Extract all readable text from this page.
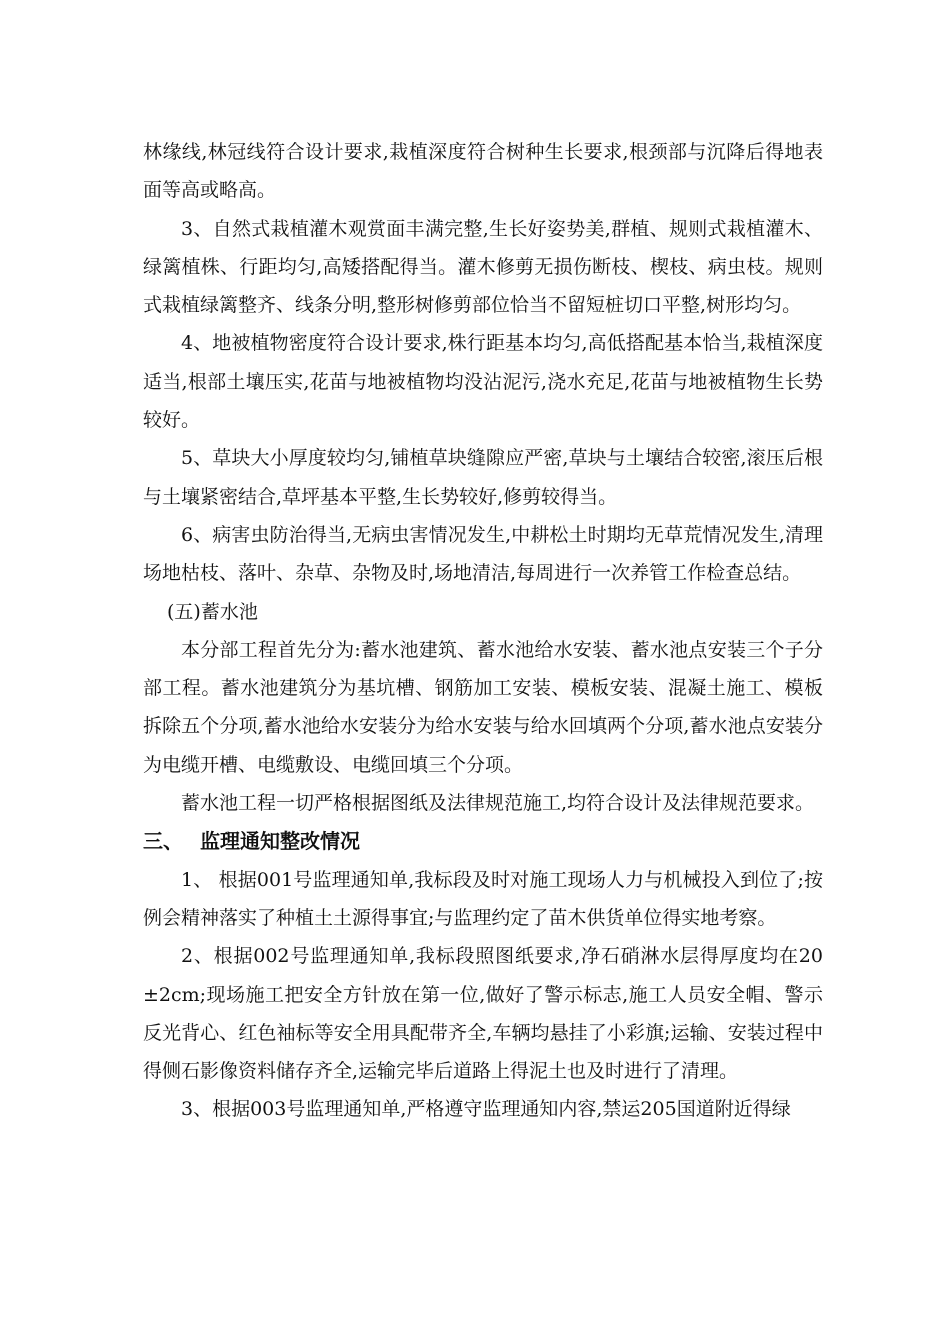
林缘线,林冠线符合设计要求,栽植深度符合树种生长要求,根颈部与沉降后得地表面等高或略高。

3、自然式栽植灌木观赏面丰满完整,生长好姿势美,群植、规则式栽植灌木、绿篱植株、行距均匀,高矮搭配得当。灌木修剪无损伤断枝、楔枝、病虫枝。规则式栽植绿篱整齐、线条分明,整形树修剪部位恰当不留短桩切口平整,树形均匀。

4、地被植物密度符合设计要求,株行距基本均匀,高低搭配基本恰当,栽植深度适当,根部土壤压实,花苗与地被植物均没沾泥污,浇水充足,花苗与地被植物生长势较好。

5、草块大小厚度较均匀,铺植草块缝隙应严密,草块与土壤结合较密,滚压后根与土壤紧密结合,草坪基本平整,生长势较好,修剪较得当。

6、病害虫防治得当,无病虫害情况发生,中耕松土时期均无草荒情况发生,清理场地枯枝、落叶、杂草、杂物及时,场地清洁,每周进行一次养管工作检查总结。

(五)蓄水池

本分部工程首先分为:蓄水池建筑、蓄水池给水安装、蓄水池点安装三个子分部工程。蓄水池建筑分为基坑槽、钢筋加工安装、模板安装、混凝土施工、模板拆除五个分项,蓄水池给水安装分为给水安装与给水回填两个分项,蓄水池点安装分为电缆开槽、电缆敷设、电缆回填三个分项。

蓄水池工程一切严格根据图纸及法律规范施工,均符合设计及法律规范要求。

三、 监理通知整改情况

1、 根据001号监理通知单,我标段及时对施工现场人力与机械投入到位了;按例会精神落实了种植土土源得事宜;与监理约定了苗木供货单位得实地考察。

2、根据002号监理通知单,我标段照图纸要求,净石硝淋水层得厚度均在20±2cm;现场施工把安全方针放在第一位,做好了警示标志,施工人员安全帽、警示反光背心、红色袖标等安全用具配带齐全,车辆均悬挂了小彩旗;运输、安装过程中得侧石影像资料储存齐全,运输完毕后道路上得泥土也及时进行了清理。

3、根据003号监理通知单,严格遵守监理通知内容,禁运205国道附近得绿
